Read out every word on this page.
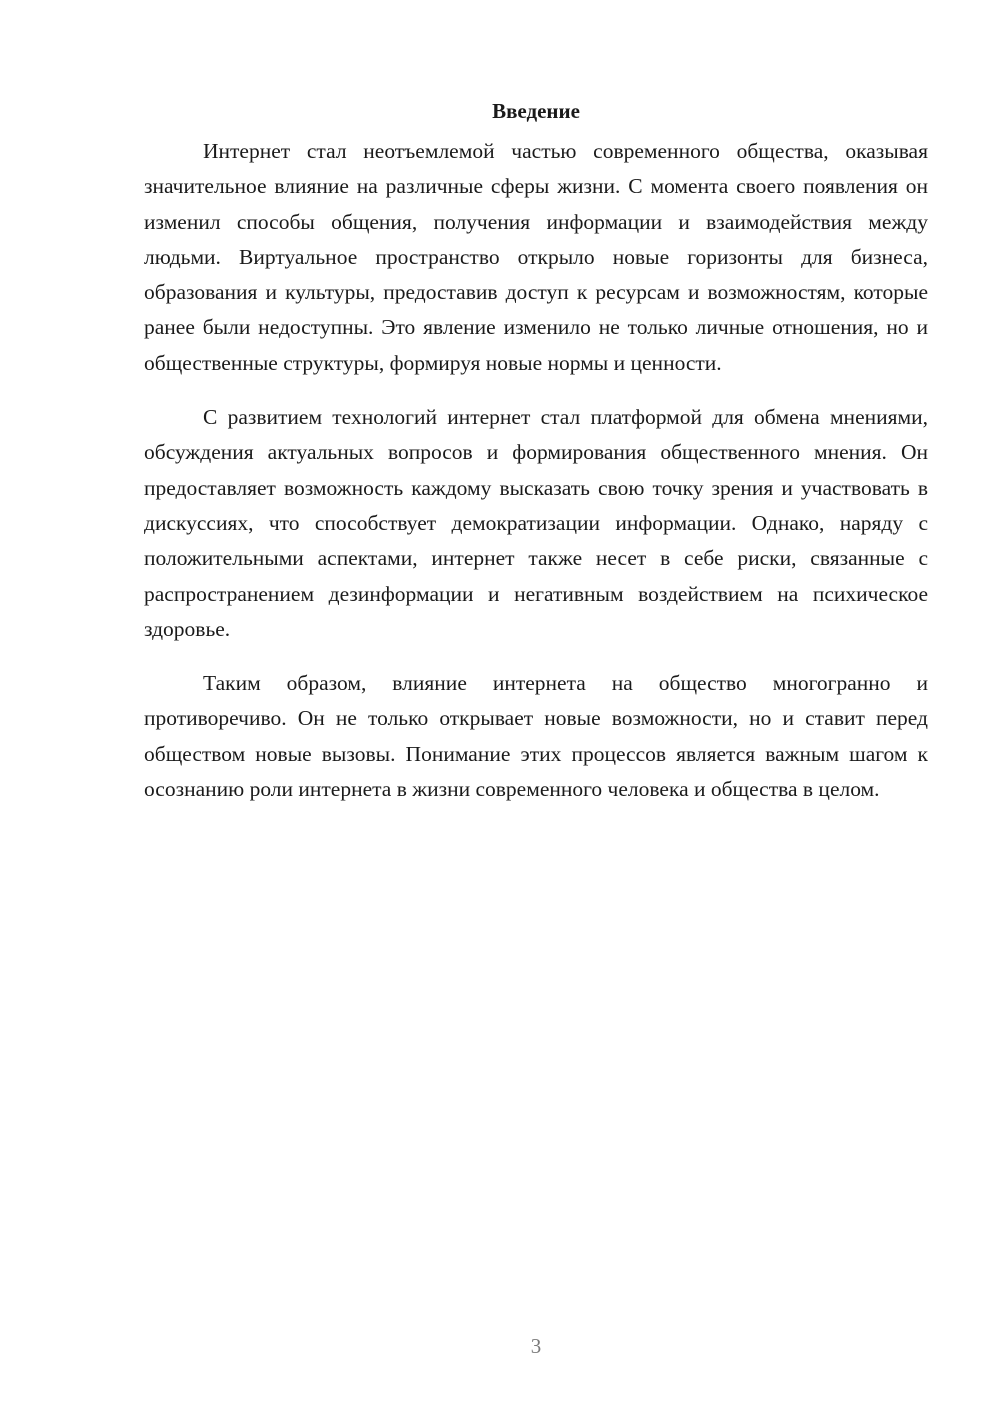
Введение

Интернет стал неотъемлемой частью современного общества, оказывая значительное влияние на различные сферы жизни. С момента своего появления он изменил способы общения, получения информации и взаимодействия между людьми. Виртуальное пространство открыло новые горизонты для бизнеса, образования и культуры, предоставив доступ к ресурсам и возможностям, которые ранее были недоступны. Это явление изменило не только личные отношения, но и общественные структуры, формируя новые нормы и ценности.

С развитием технологий интернет стал платформой для обмена мнениями, обсуждения актуальных вопросов и формирования общественного мнения. Он предоставляет возможность каждому высказать свою точку зрения и участвовать в дискуссиях, что способствует демократизации информации. Однако, наряду с положительными аспектами, интернет также несет в себе риски, связанные с распространением дезинформации и негативным воздействием на психическое здоровье.

Таким образом, влияние интернета на общество многогранно и противоречиво. Он не только открывает новые возможности, но и ставит перед обществом новые вызовы. Понимание этих процессов является важным шагом к осознанию роли интернета в жизни современного человека и общества в целом.

3
